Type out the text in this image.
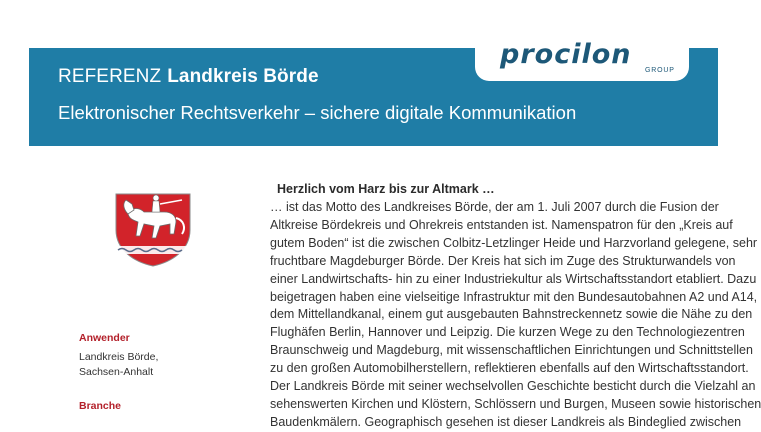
REFERENZ Landkreis Börde
Elektronischer Rechtsverkehr – sichere digitale Kommunikation
procilon
GROUP
Anwender
Landkreis Börde,
Sachsen-Anhalt
Branche
Herzlich vom Harz bis zur Altmark …
… ist das Motto des Landkreises Börde, der am 1. Juli 2007 durch die Fusion der
Altkreise Bördekreis und Ohrekreis entstanden ist. Namenspatron für den „Kreis auf
gutem Boden“ ist die zwischen Colbitz-Letzlinger Heide und Harzvorland gelegene, sehr
fruchtbare Magdeburger Börde. Der Kreis hat sich im Zuge des Strukturwandels von
einer Landwirtschafts- hin zu einer Industriekultur als Wirtschaftsstandort etabliert. Dazu
beigetragen haben eine vielseitige Infrastruktur mit den Bundesautobahnen A2 und A14,
dem Mittellandkanal, einem gut ausgebauten Bahnstreckennetz sowie die Nähe zu den
Flughäfen Berlin, Hannover und Leipzig. Die kurzen Wege zu den Technologiezentren
Braunschweig und Magdeburg, mit wissenschaftlichen Einrichtungen und Schnittstellen
zu den großen Automobilherstellern, reflektieren ebenfalls auf den Wirtschaftsstandort.
Der Landkreis Börde mit seiner wechselvollen Geschichte besticht durch die Vielzahl an
sehenswerten Kirchen und Klöstern, Schlössern und Burgen, Museen sowie historischen
Baudenkmälern. Geographisch gesehen ist dieser Landkreis als Bindeglied zwischen
